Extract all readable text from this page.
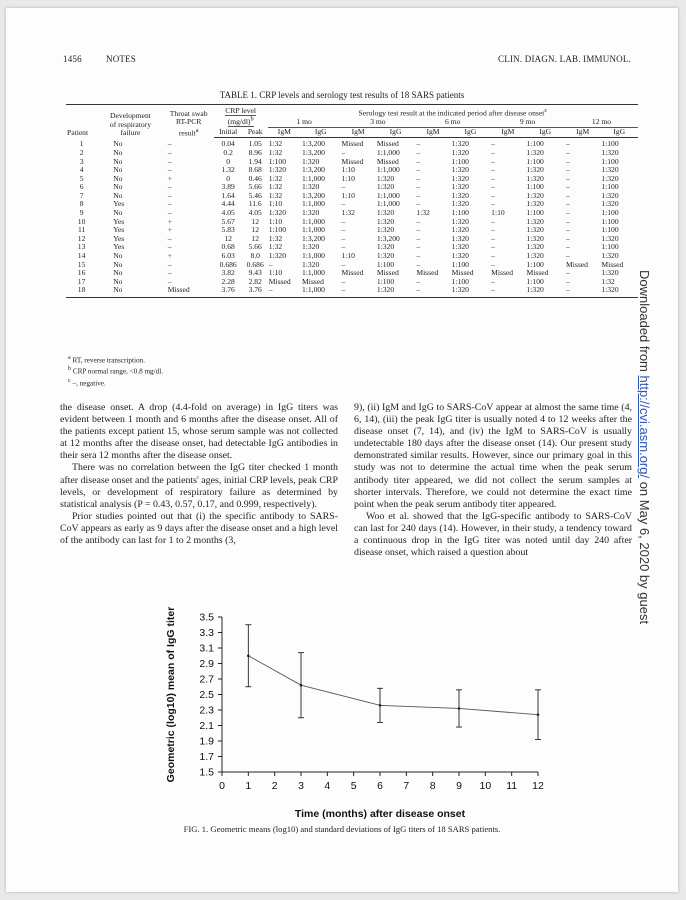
1456	NOTES	CLIN. DIAGN. LAB. IMMUNOL.
TABLE 1. CRP levels and serology test results of 18 SARS patients
Patient	Development
of respiratory
failure	Throat swab
RT-PCR
result$^a$	CRP level
$(mg/dl)^b$		Serology test result at the indicated period after disease onset$^c$
					1 mo		3 mo		6 mo		9 mo		12 mo	
			Initial	Peak	IgM	IgG	IgM	IgG	IgM	IgG	IgM	IgG	IgM	IgG
1	No	–	0.04	1.05	1:32	1:3,200	Missed	Missed	–	1:320	–	1:100	–	1:100
2	No	–	0.2	8.96	1:32	1:3,200	–	1:1,000	–	1:320	–	1:320	–	1:320
3	No	–	0	1.94	1:100	1:320	Missed	Missed	–	1:100	–	1:100	–	1:100
4	No	–	1.32	8.68	1:320	1:3,200	1:10	1:1,000	–	1:320	–	1:320	–	1:320
5	No	+	0	0.46	1:32	1:1,000	1:10	1:320	–	1:320	–	1:320	–	1:320
6	No	–	3.89	5.66	1:32	1:320	–	1:320	–	1:320	–	1:100	–	1:100
7	No	–	1.64	5.46	1:32	1:3,200	1:10	1:1,000	–	1:320	–	1:320	–	1:320
8	Yes	–	4.44	11.6	1:10	1:1,000	–	1:1,000	–	1:320	–	1:320	–	1:320
9	No	–	4.05	4.05	1:320	1:320	1:32	1:320	1:32	1:100	1:10	1:100	–	1:100
10	Yes	+	5.67	12	1:10	1:1,000	–	1:320	–	1:320	–	1:320	–	1:100
11	Yes	+	5.83	12	1:100	1:1,000	–	1:320	–	1:320	–	1:320	–	1:100
12	Yes	–	12	12	1:32	1:3,200	–	1:3,200	–	1:320	–	1:320	–	1:320
13	Yes	–	0.68	5.66	1:32	1:320	–	1:320	–	1:320	–	1:320	–	1:100
14	No	+	6.03	8.0	1:320	1:1,000	1:10	1:320	–	1:320	–	1:320	–	1:320
15	No	–	0.686	0.686	–	1:320	–	1:100	–	1:100	–	1:100	Missed	Missed
16	No	–	3.82	9.43	1:10	1:1,000	Missed	Missed	Missed	Missed	Missed	Missed	–	1:320
17	No	–	2.28	2.82	Missed	Missed	–	1:100	–	1:100	–	1:100	–	1:32
18	No	Missed	3.76	3.76	–	1:1,000	–	1:320	–	1:320	–	1:320	–	1:320
$^a$ RT, reverse transcription.
$^b$ CRP normal range, <0.8 mg/dl.
$^c$ –, negative.

the disease onset. A drop (4.4-fold on average) in IgG titers was evident between 1 month and 6 months after the disease onset. All of the patients except patient 15, whose serum sample was not collected at 12 months after the disease onset, had detectable IgG antibodies in their sera 12 months after the disease onset.

There was no correlation between the IgG titer checked 1 month after disease onset and the patients' ages, initial CRP levels, peak CRP levels, or development of respiratory failure as determined by statistical analysis (P = 0.43, 0.57, 0.17, and 0.999, respectively).

Prior studies pointed out that (i) the specific antibody to SARS-CoV appears as early as 9 days after the disease onset and a high level of the antibody can last for 1 to 2 months (3,

9), (ii) IgM and IgG to SARS-CoV appear at almost the same time (4, 6, 14), (iii) the peak IgG titer is usually noted 4 to 12 weeks after the disease onset (7, 14), and (iv) the IgM to SARS-CoV is usually undetectable 180 days after the disease onset (14). Our present study demonstrated similar results. However, since our primary goal in this study was not to determine the actual time when the peak serum antibody titer appeared, we did not collect the serum samples at shorter intervals. Therefore, we could not determine the exact time point when the peak serum antibody titer appeared.

Woo et al. showed that the IgG-specific antibody to SARS-CoV can last for 240 days (14). However, in their study, a tendency toward a continuous drop in the IgG titer was noted until day 240 after disease onset, which raised a question about

1.5
1.7
1.9
2.1
2.3
2.5
2.7
2.9
3.1
3.3
3.5
0 1 2 3 4 5 6 7 8 9 10 11 12
Time (months) after disease onset
Geometric (log10) mean of IgG titer
FIG. 1. Geometric means (log10) and standard deviations of IgG titers of 18 SARS patients.
Downloaded from http://cvi.asm.org/ on May 6, 2020 by guest
